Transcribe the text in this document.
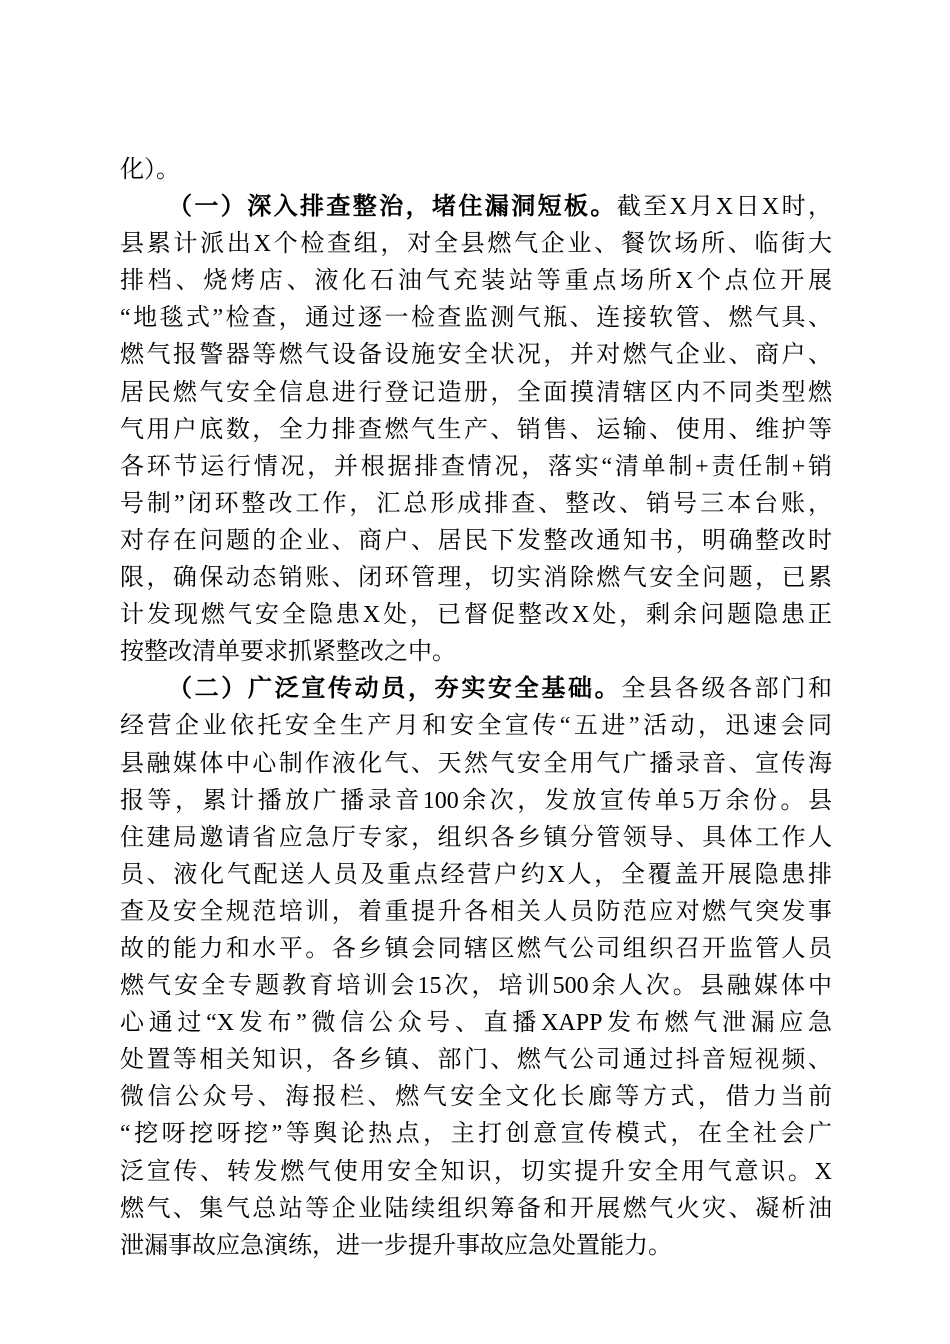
化）。
（一）深入排查整治，堵住漏洞短板。截至X月X日X时，
县累计派出X个检查组，对全县燃气企业、餐饮场所、临街大
排档、烧烤店、液化石油气充装站等重点场所X个点位开展
“地毯式”检查，通过逐一检查监测气瓶、连接软管、燃气具、
燃气报警器等燃气设备设施安全状况，并对燃气企业、商户、
居民燃气安全信息进行登记造册，全面摸清辖区内不同类型燃
气用户底数，全力排查燃气生产、销售、运输、使用、维护等
各环节运行情况，并根据排查情况，落实“清单制+责任制+销
号制”闭环整改工作，汇总形成排查、整改、销号三本台账，
对存在问题的企业、商户、居民下发整改通知书，明确整改时
限，确保动态销账、闭环管理，切实消除燃气安全问题，已累
计发现燃气安全隐患X处，已督促整改X处，剩余问题隐患正
按整改清单要求抓紧整改之中。
（二）广泛宣传动员，夯实安全基础。全县各级各部门和
经营企业依托安全生产月和安全宣传“五进”活动，迅速会同
县融媒体中心制作液化气、天然气安全用气广播录音、宣传海
报等，累计播放广播录音100余次，发放宣传单5万余份。县
住建局邀请省应急厅专家，组织各乡镇分管领导、具体工作人
员、液化气配送人员及重点经营户约X人，全覆盖开展隐患排
查及安全规范培训，着重提升各相关人员防范应对燃气突发事
故的能力和水平。各乡镇会同辖区燃气公司组织召开监管人员
燃气安全专题教育培训会15次，培训500余人次。县融媒体中
心通过“X发布”微信公众号、直播XAPP发布燃气泄漏应急
处置等相关知识，各乡镇、部门、燃气公司通过抖音短视频、
微信公众号、海报栏、燃气安全文化长廊等方式，借力当前
“挖呀挖呀挖”等舆论热点，主打创意宣传模式，在全社会广
泛宣传、转发燃气使用安全知识，切实提升安全用气意识。X
燃气、集气总站等企业陆续组织筹备和开展燃气火灾、凝析油
泄漏事故应急演练，进一步提升事故应急处置能力。
